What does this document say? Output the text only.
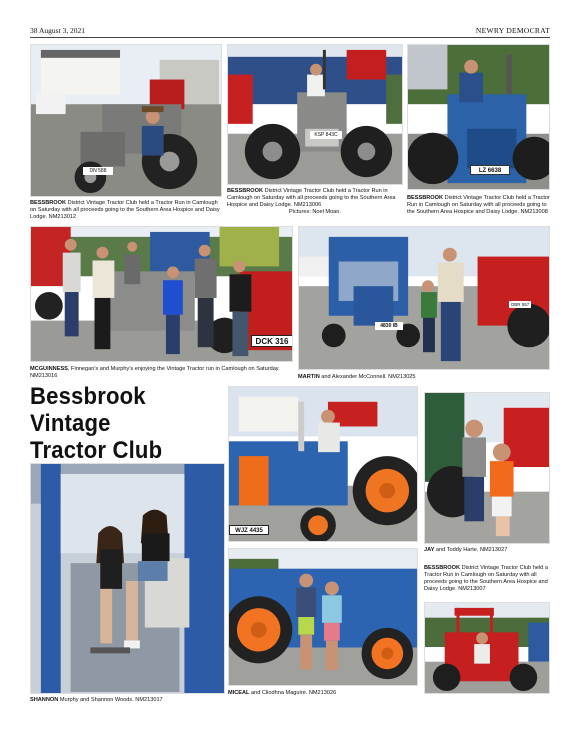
38 August 3, 2021	NEWRY DEMOCRAT
DN 588
BESSBROOK District Vintage Tractor Club held a Tractor Run in Camlough on Saturday with all proceeds going to the Southern Area Hospice and Daisy Lodge. NM213012
KSP 843C
BESSBROOK District Vintage Tractor Club held a Tractor Run in Camlough on Saturday with all proceeds going to the Southern Area Hospice and Daisy Lodge. NM213006
Pictures: Noel Moan.
LZ 6638
BESSBROOK District Vintage Tractor Club held a Tractor Run in Camlough on Saturday with all proceeds going to the Southern Area Hospice and Daisy Lodge. NM213008
DCK 316
MCGUINNESS, Finnegan's and Murphy's enjoying the Vintage Tractor run in Camlough on Saturday. NM213016
4830 IB
OBR 557
MARTIN and Alexander McConnell. NM213025
Bessbrook Vintage
Tractor Club
WJZ 4435
JAY and Toddy Harte. NM213027
SHANNON Murphy and Shannon Woods. NM213017
MICEAL and Cliodhna Maguire. NM213026
BESSBROOK District Vintage Tractor Club held a Tractor Run in Camlough on Saturday with all proceeds going to the Southern Area Hospice and Daisy Lodge. NM213007
